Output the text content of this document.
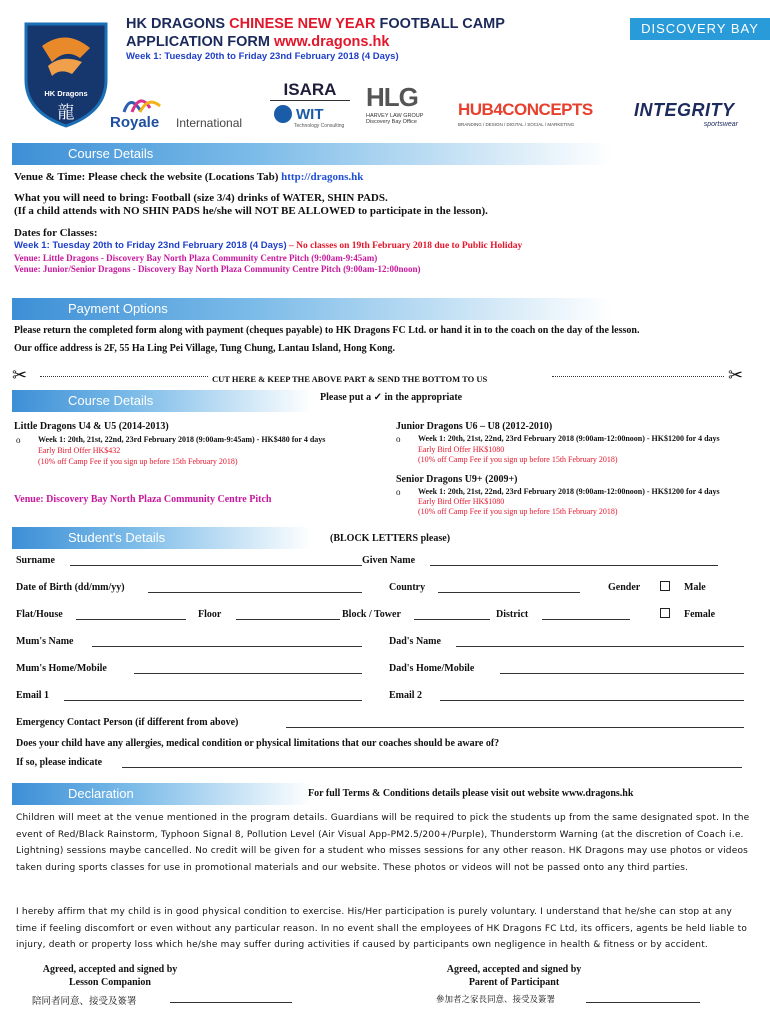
HK Dragons
龍
HK DRAGONS CHINESE NEW YEAR FOOTBALL CAMP
APPLICATION FORM www.dragons.hk
Week 1: Tuesday 20th to Friday 23nd February 2018 (4 Days)
DISCOVERY BAY
Royale International
ISARA
WIT
Technology Consulting
HLG
HARVEY LAW GROUP
Discovery Bay Office
HUB4CONCEPTS
BRANDING / DESIGN / DIGITAL / SOCIAL / MARKETING
INTEGRITY
sportswear
Course Details
Venue & Time: Please check the website (Locations Tab) http://dragons.hk
What you will need to bring: Football (size 3/4) drinks of WATER, SHIN PADS.
(If a child attends with NO SHIN PADS he/she will NOT BE ALLOWED to participate in the lesson).
Dates for Classes:
Week 1: Tuesday 20th to Friday 23nd February 2018 (4 Days) – No classes on 19th February 2018 due to Public Holiday
Venue: Little Dragons - Discovery Bay North Plaza Community Centre Pitch (9:00am-9:45am)
Venue: Junior/Senior Dragons - Discovery Bay North Plaza Community Centre Pitch (9:00am-12:00noon)
Payment Options
Please return the completed form along with payment (cheques payable) to HK Dragons FC Ltd. or hand it in to the coach on the day of the lesson.
Our office address is 2F, 55 Ha Ling Pei Village, Tung Chung, Lantau Island, Hong Kong.
✂	CUT HERE & KEEP THE ABOVE PART & SEND THE BOTTOM TO US	✂
Course Details	Please put a ✓ in the appropriate
Little Dragons U4 & U5 (2014-2013)
o Week 1: 20th, 21st, 22nd, 23rd February 2018 (9:00am-9:45am) - HK$480 for 4 days
Early Bird Offer HK$432
(10% off Camp Fee if you sign up before 15th February 2018)
Venue: Discovery Bay North Plaza Community Centre Pitch
Junior Dragons U6 – U8 (2012-2010)
o Week 1: 20th, 21st, 22nd, 23rd February 2018 (9:00am-12:00noon) - HK$1200 for 4 days
Early Bird Offer HK$1080
(10% off Camp Fee if you sign up before 15th February 2018)
Senior Dragons U9+ (2009+)
o Week 1: 20th, 21st, 22nd, 23rd February 2018 (9:00am-12:00noon) - HK$1200 for 4 days
Early Bird Offer HK$1080
(10% off Camp Fee if you sign up before 15th February 2018)
Student's Details	(BLOCK LETTERS please)
Surname	Given Name
Date of Birth (dd/mm/yy)	Country	Gender	Male
Flat/House	Floor	Block / Tower	District	Female
Mum's Name	Dad's Name
Mum's Home/Mobile	Dad's Home/Mobile
Email 1	Email 2
Emergency Contact Person (if different from above)
Does your child have any allergies, medical condition or physical limitations that our coaches should be aware of?
If so, please indicate
Declaration	For full Terms & Conditions details please visit out website www.dragons.hk
Children will meet at the venue mentioned in the program details. Guardians will be required to pick the students up from the same designated spot. In the event of Red/Black Rainstorm, Typhoon Signal 8, Pollution Level (Air Visual App-PM2.5/200+/Purple), Thunderstorm Warning (at the discretion of Coach i.e. Lightning) sessions maybe cancelled. No credit will be given for a student who misses sessions for any other reason. HK Dragons may use photos or videos taken during sports classes for use in promotional materials and our website. These photos or videos will not be passed onto any third parties.
I hereby affirm that my child is in good physical condition to exercise. His/Her participation is purely voluntary. I understand that he/she can stop at any time if feeling discomfort or even without any particular reason. In no event shall the employees of HK Dragons FC Ltd, its officers, agents be held liable to injury, death or property loss which he/she may suffer during activities if caused by participants own negligence in health & fitness or by accident.
Agreed, accepted and signed by
Lesson Companion
陪同者同意、接受及簽署
Agreed, accepted and signed by
Parent of Participant
參加者之家長同意、接受及簽署
